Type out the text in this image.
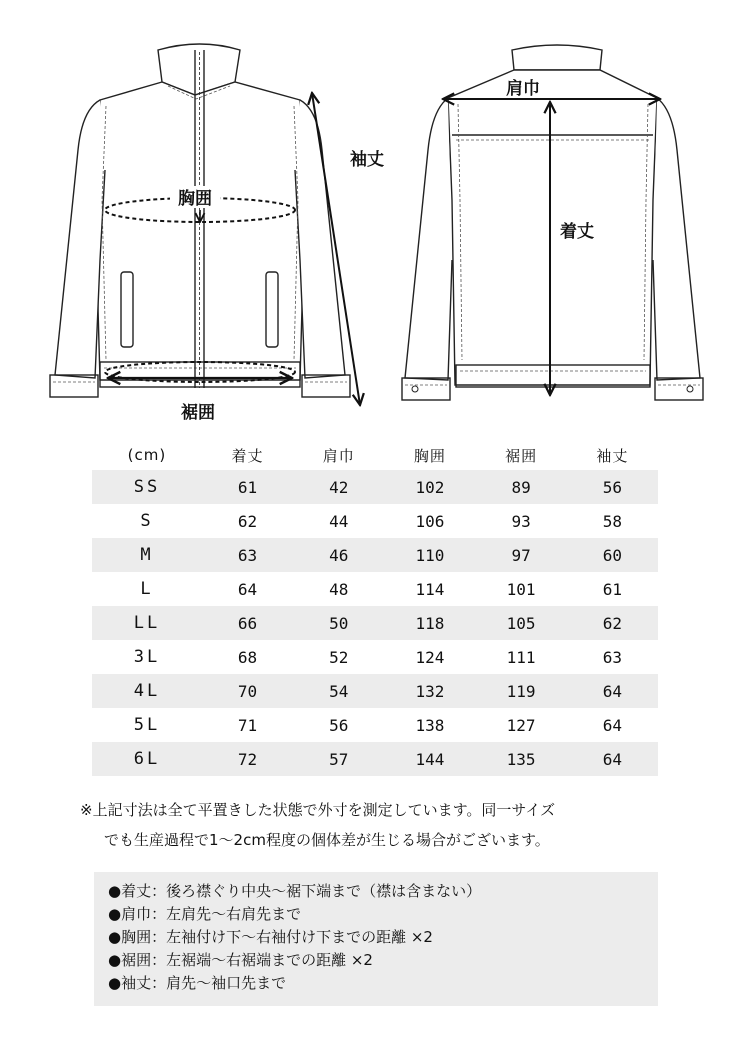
胸囲
裾囲
袖丈
肩巾
着丈
(cm)	着丈	肩巾	胸囲	裾囲	袖丈
SS	61	42	102	89	56
S	62	44	106	93	58
M	63	46	110	97	60
L	64	48	114	101	61
LL	66	50	118	105	62
3L	68	52	124	111	63
4L	70	54	132	119	64
5L	71	56	138	127	64
6L	72	57	144	135	64
※上記寸法は全て平置きした状態で外寸を測定しています。同一サイズ
でも生産過程で1～2cm程度の個体差が生じる場合がございます。
●着丈：後ろ襟ぐり中央～裾下端まで（襟は含まない）
●肩巾：左肩先～右肩先まで
●胸囲：左袖付け下～右袖付け下までの距離 ×2
●裾囲：左裾端～右裾端までの距離 ×2
●袖丈：肩先～袖口先まで
